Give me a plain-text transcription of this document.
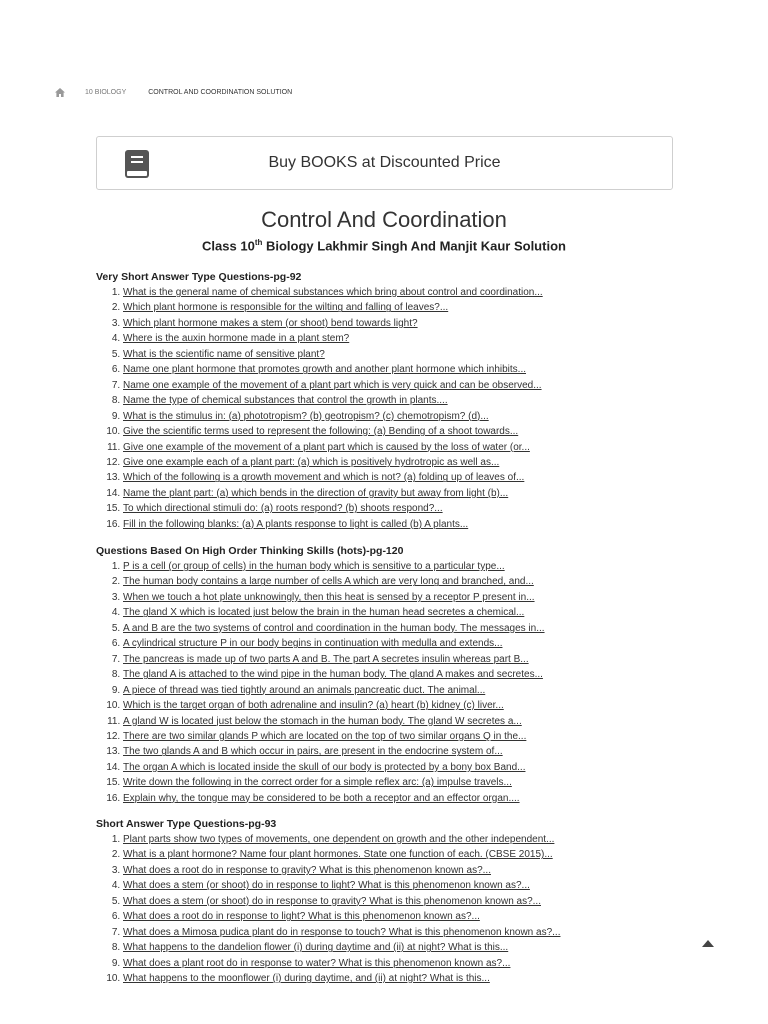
10 BIOLOGY	CONTROL AND COORDINATION SOLUTION
Buy BOOKS at Discounted Price
Control And Coordination
Class 10th Biology Lakhmir Singh And Manjit Kaur Solution
Very Short Answer Type Questions-pg-92
1. What is the general name of chemical substances which bring about control and coordination...
2. Which plant hormone is responsible for the wilting and falling of leaves?...
3. Which plant hormone makes a stem (or shoot) bend towards light?
4. Where is the auxin hormone made in a plant stem?
5. What is the scientific name of sensitive plant?
6. Name one plant hormone that promotes growth and another plant hormone which inhibits...
7. Name one example of the movement of a plant part which is very quick and can be observed...
8. Name the type of chemical substances that control the growth in plants....
9. What is the stimulus in: (a) phototropism? (b) geotropism? (c) chemotropism? (d)...
10. Give the scientific terms used to represent the following: (a) Bending of a shoot towards...
11. Give one example of the movement of a plant part which is caused by the loss of water (or...
12. Give one example each of a plant part: (a) which is positively hydrotropic as well as...
13. Which of the following is a growth movement and which is not? (a) folding up of leaves of...
14. Name the plant part: (a) which bends in the direction of gravity but away from light (b)...
15. To which directional stimuli do: (a) roots respond? (b) shoots respond?...
16. Fill in the following blanks: (a) A plants response to light is called (b) A plants...
Questions Based On High Order Thinking Skills (hots)-pg-120
1. P is a cell (or group of cells) in the human body which is sensitive to a particular type...
2. The human body contains a large number of cells A which are very long and branched, and...
3. When we touch a hot plate unknowingly, then this heat is sensed by a receptor P present in...
4. The gland X which is located just below the brain in the human head secretes a chemical...
5. A and B are the two systems of control and coordination in the human body. The messages in...
6. A cylindrical structure P in our body begins in continuation with medulla and extends...
7. The pancreas is made up of two parts A and B. The part A secretes insulin whereas part B...
8. The gland A is attached to the wind pipe in the human body. The gland A makes and secretes...
9. A piece of thread was tied tightly around an animals pancreatic duct. The animal...
10. Which is the target organ of both adrenaline and insulin? (a) heart (b) kidney (c) liver...
11. A gland W is located just below the stomach in the human body. The gland W secretes a...
12. There are two similar glands P which are located on the top of two similar organs Q in the...
13. The two glands A and B which occur in pairs, are present in the endocrine system of...
14. The organ A which is located inside the skull of our body is protected by a bony box Band...
15. Write down the following in the correct order for a simple reflex arc: (a) impulse travels...
16. Explain why, the tongue may be considered to be both a receptor and an effector organ....
Short Answer Type Questions-pg-93
1. Plant parts show two types of movements, one dependent on growth and the other independent...
2. What is a plant hormone? Name four plant hormones. State one function of each. (CBSE 2015)...
3. What does a root do in response to gravity? What is this phenomenon known as?...
4. What does a stem (or shoot) do in response to light? What is this phenomenon known as?...
5. What does a stem (or shoot) do in response to gravity? What is this phenomenon known as?...
6. What does a root do in response to light? What is this phenomenon known as?...
7. What does a Mimosa pudica plant do in response to touch? What is this phenomenon known as?...
8. What happens to the dandelion flower (i) during daytime and (ii) at night? What is this...
9. What does a plant root do in response to water? What is this phenomenon known as?...
10. What happens to the moonflower (i) during daytime, and (ii) at night? What is this...
